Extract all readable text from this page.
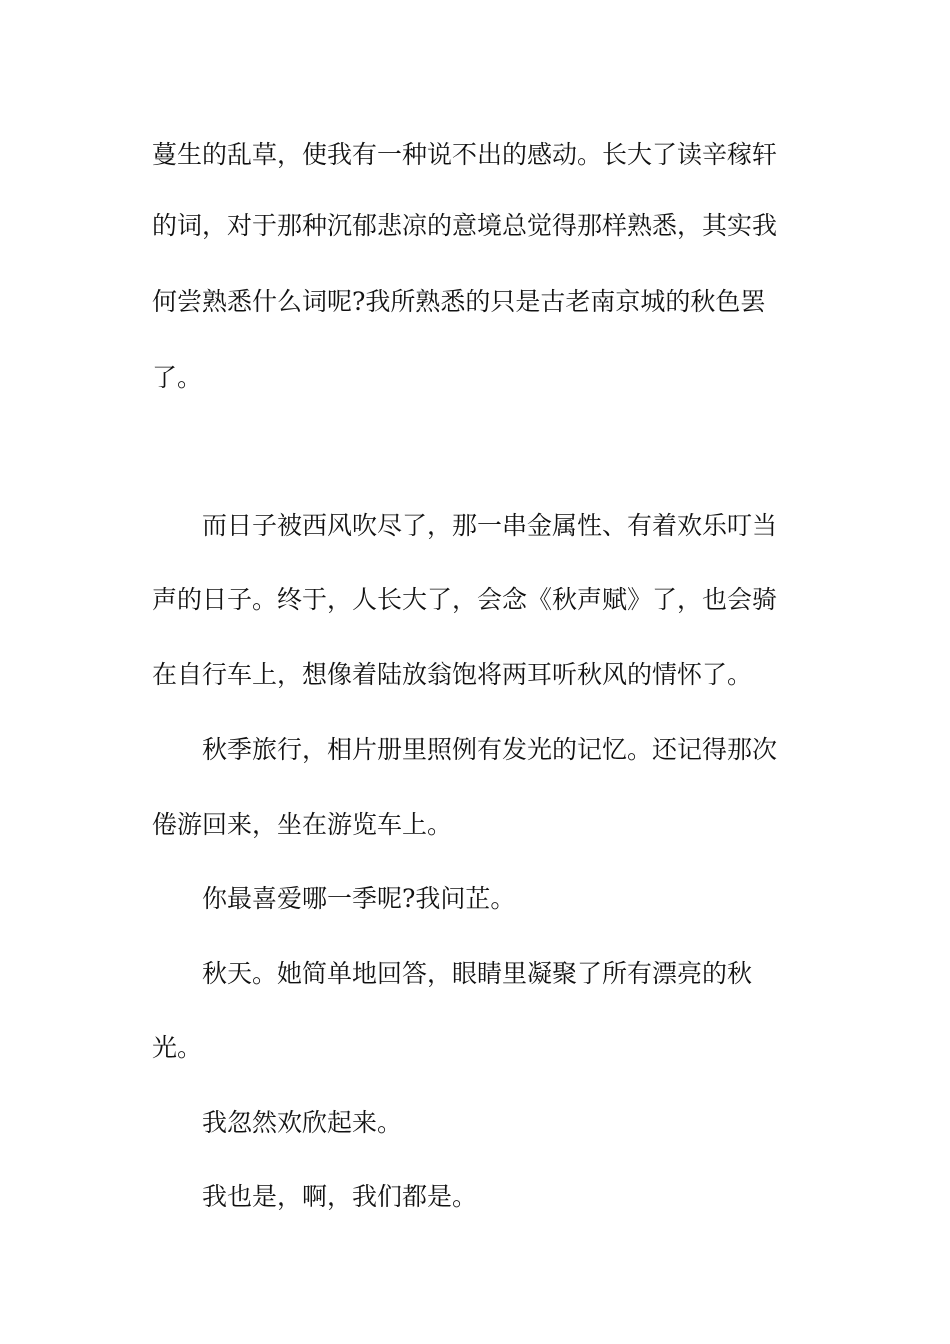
蔓生的乱草，使我有一种说不出的感动。长大了读辛稼轩
的词，对于那种沉郁悲凉的意境总觉得那样熟悉，其实我
何尝熟悉什么词呢?我所熟悉的只是古老南京城的秋色罢
了。
而日子被西风吹尽了，那一串金属性、有着欢乐叮当
声的日子。终于，人长大了，会念《秋声赋》了，也会骑
在自行车上，想像着陆放翁饱将两耳听秋风的情怀了。
秋季旅行，相片册里照例有发光的记忆。还记得那次
倦游回来，坐在游览车上。
你最喜爱哪一季呢?我问芷。
秋天。她简单地回答，眼睛里凝聚了所有漂亮的秋
光。
我忽然欢欣起来。
我也是，啊，我们都是。
